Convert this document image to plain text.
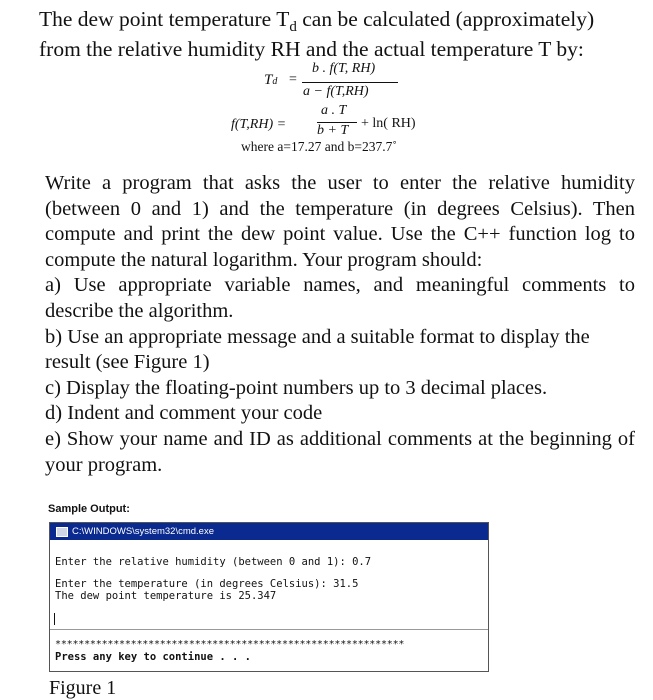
The dew point temperature $T_d$ can be calculated (approximately)
from the relative humidity RH and the actual temperature T by:
Td =
b . f(T, RH)
a − f(T,RH)
f(T,RH) =
a . T
b + T + ln( RH)
where a=17.27 and b=237.7˚

Write a program that asks the user to enter the relative humidity (between 0 and 1) and the temperature (in degrees Celsius). Then compute and print the dew point value. Use the C++ function log to compute the natural logarithm. Your program should:

a) Use appropriate variable names, and meaningful comments to describe the algorithm.

b) Use an appropriate message and a suitable format to display the result (see Figure 1)

c) Display the floating-point numbers up to 3 decimal places.

d) Indent and comment your code

e) Show your name and ID as additional comments at the beginning of your program.

Sample Output:
C:\WINDOWS\system32\cmd.exe
Enter the relative humidity (between 0 and 1): 0.7
Enter the temperature (in degrees Celsius): 31.5
The dew point temperature is 25.347
************************************************************
Press any key to continue . . .
Figure 1
